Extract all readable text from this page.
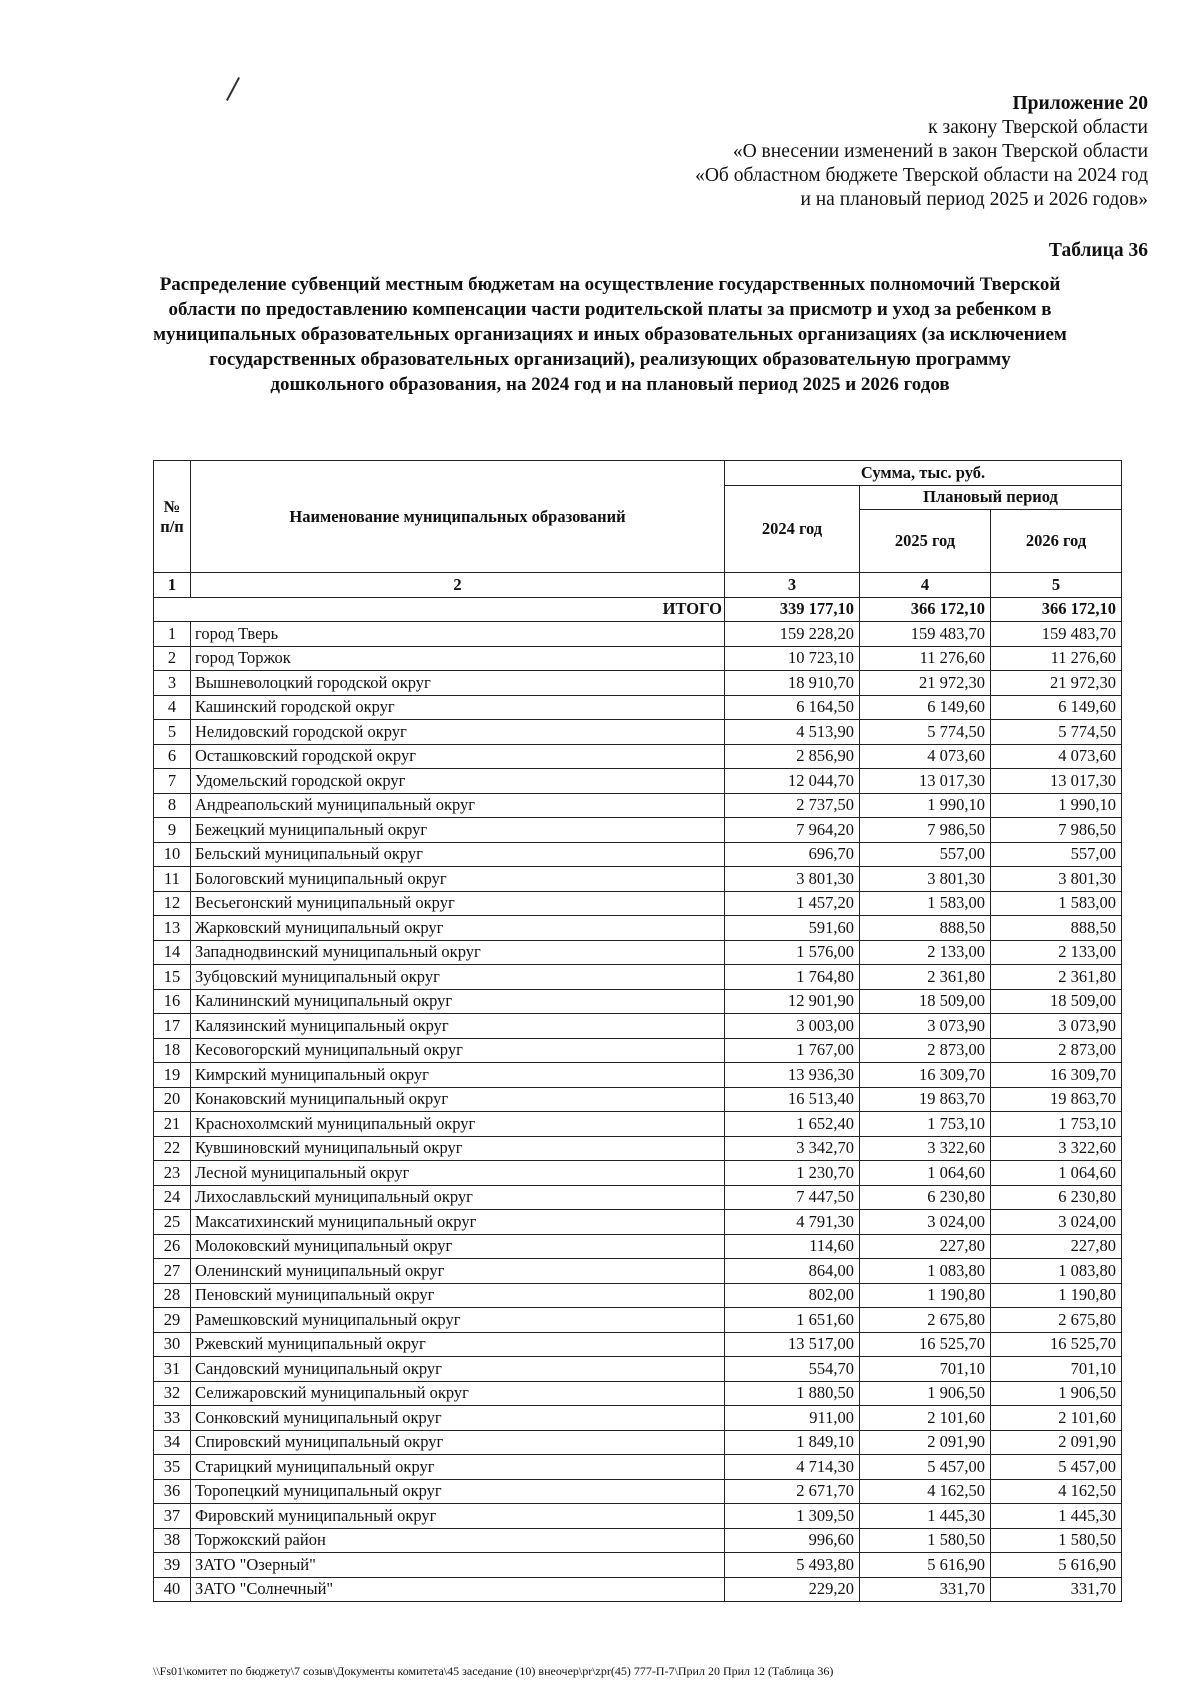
Приложение 20
к закону Тверской области
«О внесении изменений в закон Тверской области
«Об областном бюджете Тверской области на 2024 год
и на плановый период 2025 и 2026 годов»
Таблица 36
Распределение субвенций местным бюджетам на осуществление государственных полномочий Тверской области по предоставлению компенсации части родительской платы за присмотр и уход за ребенком в муниципальных образовательных организациях и иных образовательных организациях (за исключением государственных образовательных организаций), реализующих образовательную программу дошкольного образования, на 2024 год и на плановый период 2025 и 2026 годов
№ п/п	Наименование муниципальных образований	Сумма, тыс. руб.		
		2024 год	Плановый период	
			2025 год	2026 год
1	2	3	4	5
ИТОГО		339 177,10	366 172,10	366 172,10
1	город Тверь	159 228,20	159 483,70	159 483,70
2	город Торжок	10 723,10	11 276,60	11 276,60
3	Вышневолоцкий городской округ	18 910,70	21 972,30	21 972,30
4	Кашинский городской округ	6 164,50	6 149,60	6 149,60
5	Нелидовский городской округ	4 513,90	5 774,50	5 774,50
6	Осташковский городской округ	2 856,90	4 073,60	4 073,60
7	Удомельский городской округ	12 044,70	13 017,30	13 017,30
8	Андреапольский муниципальный округ	2 737,50	1 990,10	1 990,10
9	Бежецкий муниципальный округ	7 964,20	7 986,50	7 986,50
10	Бельский муниципальный округ	696,70	557,00	557,00
11	Бологовский муниципальный округ	3 801,30	3 801,30	3 801,30
12	Весьегонский муниципальный округ	1 457,20	1 583,00	1 583,00
13	Жарковский муниципальный округ	591,60	888,50	888,50
14	Западнодвинский муниципальный округ	1 576,00	2 133,00	2 133,00
15	Зубцовский муниципальный округ	1 764,80	2 361,80	2 361,80
16	Калининский муниципальный округ	12 901,90	18 509,00	18 509,00
17	Калязинский муниципальный округ	3 003,00	3 073,90	3 073,90
18	Кесовогорский муниципальный округ	1 767,00	2 873,00	2 873,00
19	Кимрский муниципальный округ	13 936,30	16 309,70	16 309,70
20	Конаковский муниципальный округ	16 513,40	19 863,70	19 863,70
21	Краснохолмский муниципальный округ	1 652,40	1 753,10	1 753,10
22	Кувшиновский муниципальный округ	3 342,70	3 322,60	3 322,60
23	Лесной муниципальный округ	1 230,70	1 064,60	1 064,60
24	Лихославльский муниципальный округ	7 447,50	6 230,80	6 230,80
25	Максатихинский муниципальный округ	4 791,30	3 024,00	3 024,00
26	Молоковский муниципальный округ	114,60	227,80	227,80
27	Оленинский муниципальный округ	864,00	1 083,80	1 083,80
28	Пеновский муниципальный округ	802,00	1 190,80	1 190,80
29	Рамешковский муниципальный округ	1 651,60	2 675,80	2 675,80
30	Ржевский муниципальный округ	13 517,00	16 525,70	16 525,70
31	Сандовский муниципальный округ	554,70	701,10	701,10
32	Селижаровский муниципальный округ	1 880,50	1 906,50	1 906,50
33	Сонковский муниципальный округ	911,00	2 101,60	2 101,60
34	Спировский муниципальный округ	1 849,10	2 091,90	2 091,90
35	Старицкий муниципальный округ	4 714,30	5 457,00	5 457,00
36	Торопецкий муниципальный округ	2 671,70	4 162,50	4 162,50
37	Фировский муниципальный округ	1 309,50	1 445,30	1 445,30
38	Торжокский район	996,60	1 580,50	1 580,50
39	ЗАТО "Озерный"	5 493,80	5 616,90	5 616,90
40	ЗАТО "Солнечный"	229,20	331,70	331,70
\\Fs01\комитет по бюджету\7 созыв\Документы комитета\45 заседание (10) внеочер\pr\zpr(45) 777-П-7\Прил 20 Прил 12 (Таблица 36)
